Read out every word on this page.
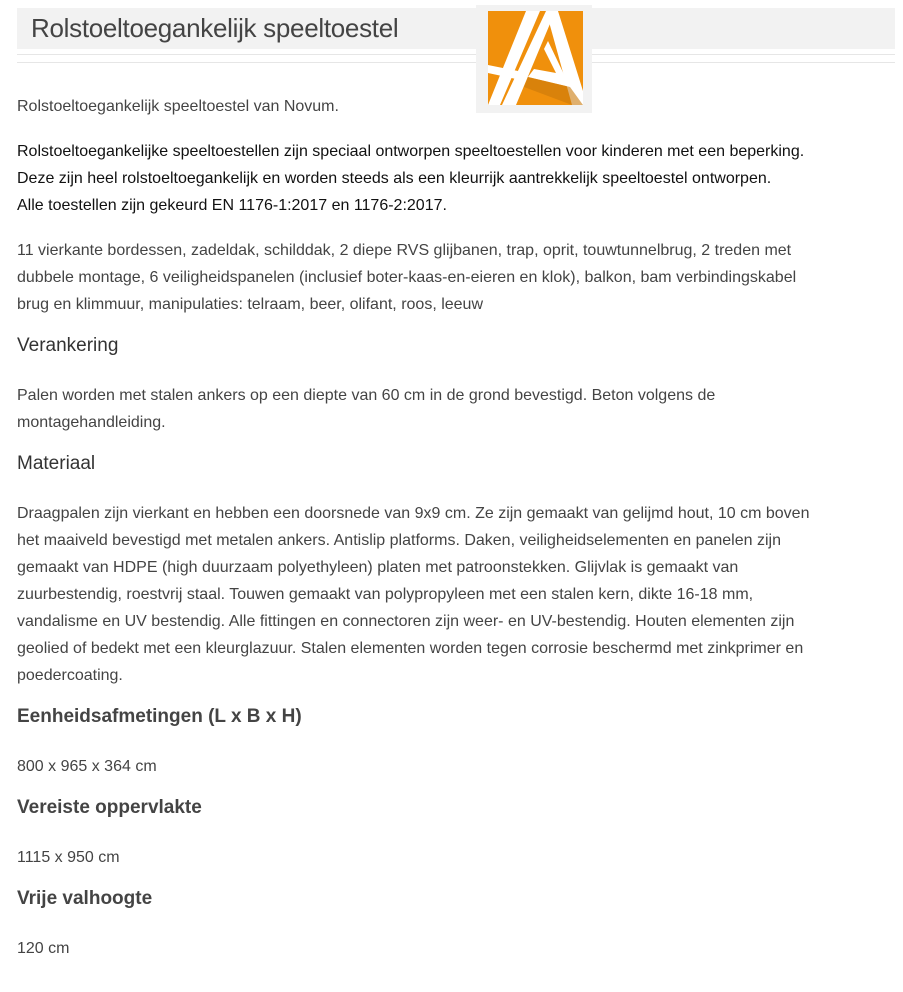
Rolstoeltoegankelijk speeltoestel

Rolstoeltoegankelijk speeltoestel van Novum.

Rolstoeltoegankelijke speeltoestellen zijn speciaal ontworpen speeltoestellen voor kinderen met een beperking.
Deze zijn heel rolstoeltoegankelijk en worden steeds als een kleurrijk aantrekkelijk speeltoestel ontworpen.
Alle toestellen zijn gekeurd EN 1176-1:2017 en 1176-2:2017.

11 vierkante bordessen, zadeldak, schilddak, 2 diepe RVS glijbanen, trap, oprit, touwtunnelbrug, 2 treden met
dubbele montage, 6 veiligheidspanelen (inclusief boter-kaas-en-eieren en klok), balkon, bam verbindingskabel
brug en klimmuur, manipulaties: telraam, beer, olifant, roos, leeuw

Verankering

Palen worden met stalen ankers op een diepte van 60 cm in de grond bevestigd. Beton volgens de
montagehandleiding.

Materiaal

Draagpalen zijn vierkant en hebben een doorsnede van 9x9 cm. Ze zijn gemaakt van gelijmd hout, 10 cm boven
het maaiveld bevestigd met metalen ankers. Antislip platforms. Daken, veiligheidselementen en panelen zijn
gemaakt van HDPE (high duurzaam polyethyleen) platen met patroonstekken. Glijvlak is gemaakt van
zuurbestendig, roestvrij staal. Touwen gemaakt van polypropyleen met een stalen kern, dikte 16-18 mm,
vandalisme en UV bestendig. Alle fittingen en connectoren zijn weer- en UV-bestendig. Houten elementen zijn
geolied of bedekt met een kleurglazuur. Stalen elementen worden tegen corrosie beschermd met zinkprimer en
poedercoating.

Eenheidsafmetingen (L x B x H)

800 x 965 x 364 cm

Vereiste oppervlakte

1115 x 950 cm

Vrije valhoogte

120 cm
